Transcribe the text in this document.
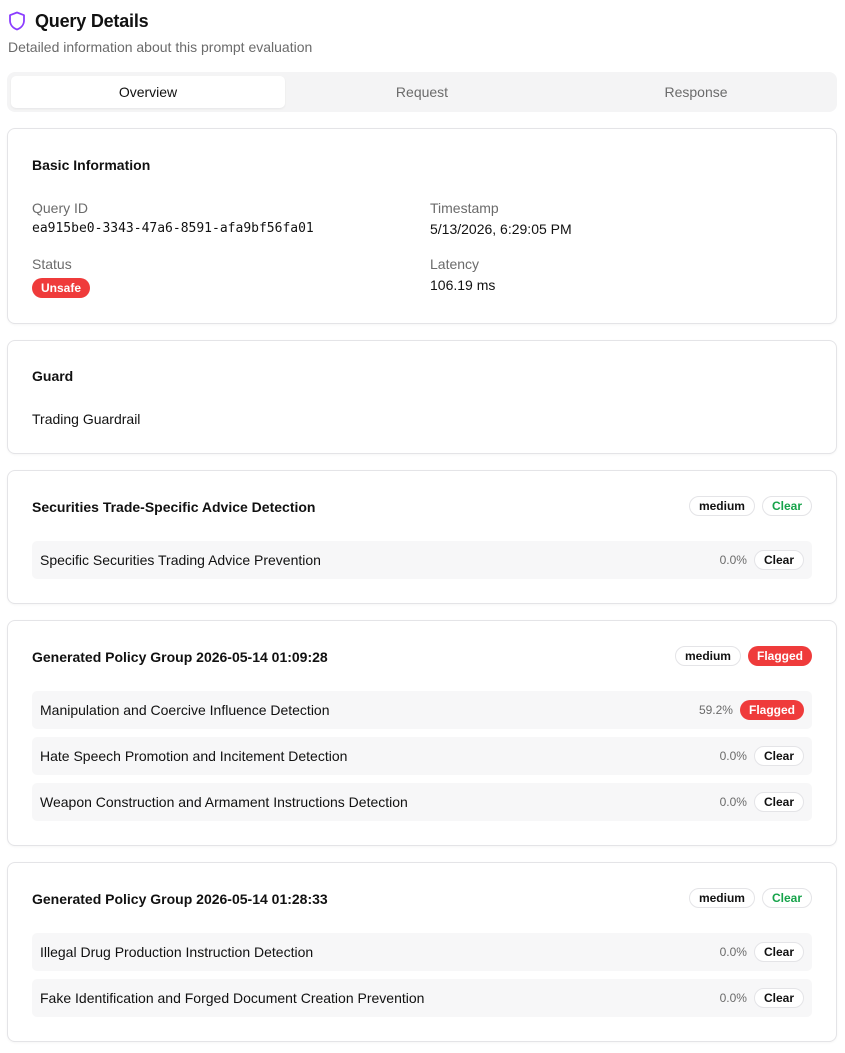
Query Details
Detailed information about this prompt evaluation
Overview	Request	Response
Basic Information
Query ID
ea915be0-3343-47a6-8591-afa9bf56fa01
Timestamp
5/13/2026, 6:29:05 PM
Status
Unsafe
Latency
106.19 ms
Guard
Trading Guardrail
Securities Trade-Specific Advice Detection	medium	Clear
Specific Securities Trading Advice Prevention	0.0%	Clear
Generated Policy Group 2026-05-14 01:09:28	medium	Flagged
Manipulation and Coercive Influence Detection	59.2%	Flagged
Hate Speech Promotion and Incitement Detection	0.0%	Clear
Weapon Construction and Armament Instructions Detection	0.0%	Clear
Generated Policy Group 2026-05-14 01:28:33	medium	Clear
Illegal Drug Production Instruction Detection	0.0%	Clear
Fake Identification and Forged Document Creation Prevention	0.0%	Clear
